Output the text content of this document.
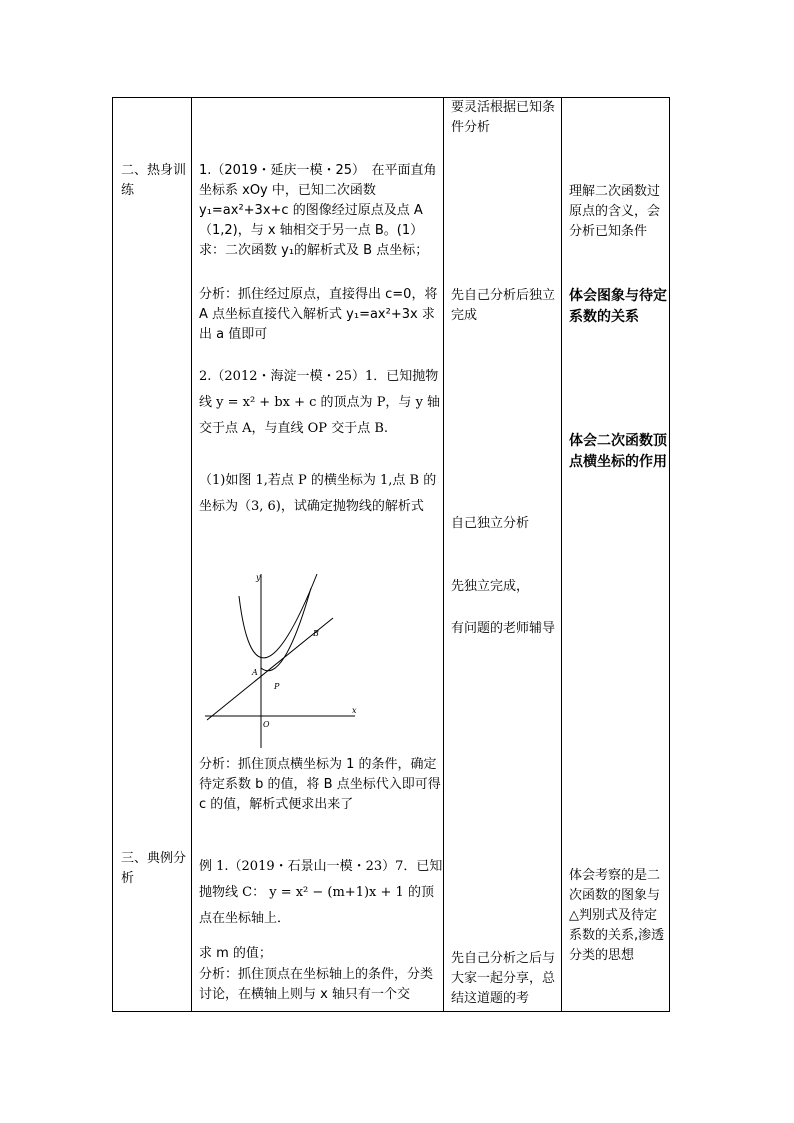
二、热身训练
三、典例分析
1.（2019・延庆一模・25）　在平面直角坐标系 xOy 中，已知二次函数 y₁=ax²+3x+c 的图像经过原点及点 A（1,2)，与 x 轴相交于另一点 B。(1）求：二次函数 y₁的解析式及 B 点坐标；
分析：抓住经过原点，直接得出 c=0，将 A 点坐标直接代入解析式 y₁=ax²+3x 求出 a 值即可
2.（2012・海淀一模・25）1．已知抛物线 y = x² + bx + c 的顶点为 P，与 y 轴交于点 A，与直线 OP 交于点 B.
（1)如图 1,若点 P 的横坐标为 1,点 B 的坐标为（3, 6)，试确定抛物线的解析式
y
x
O
A
P
B
分析：抓住顶点横坐标为 1 的条件，确定待定系数 b 的值，将 B 点坐标代入即可得 c 的值，解析式便求出来了
例 1.（2019・石景山一模・23）7．已知抛物线 C： y = x² − (m+1)x + 1 的顶点在坐标轴上．
求 m 的值；
分析：抓住顶点在坐标轴上的条件，分类讨论，在横轴上则与 x 轴只有一个交
要灵活根据已知条件分析
先自己分析后独立完成
自己独立分析
先独立完成，
有问题的老师辅导
先自己分析之后与大家一起分享，总结这道题的考
理解二次函数过原点的含义，会分析已知条件
体会图象与待定系数的关系
体会二次函数顶点横坐标的作用
体会考察的是二次函数的图象与△判别式及待定系数的关系,渗透分类的思想
